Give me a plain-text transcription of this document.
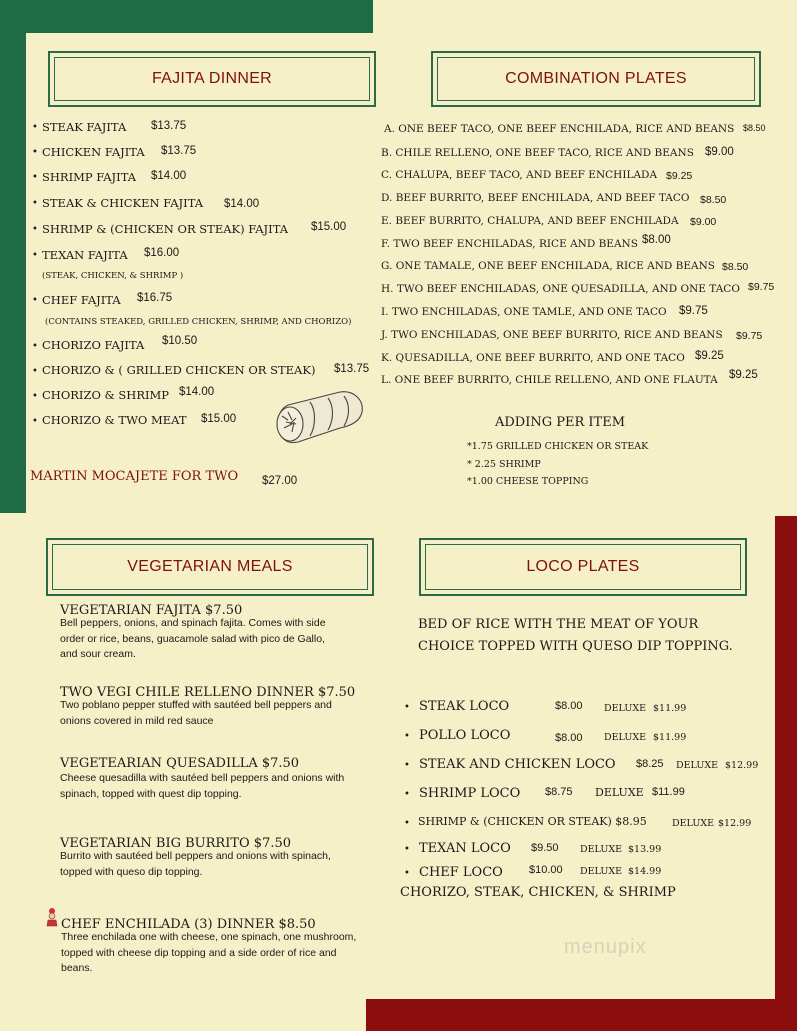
FAJITA DINNER
• STEAK FAJITA $13.75
• CHICKEN FAJITA $13.75
• SHRIMP FAJITA $14.00
• STEAK & CHICKEN FAJITA $14.00
• SHRIMP & (CHICKEN OR STEAK) FAJITA $15.00
• TEXAN FAJITA $16.00
(STEAK, CHICKEN, & SHRIMP )
• CHEF FAJITA $16.75
(CONTAINS STEAKED, GRILLED CHICKEN, SHRIMP, AND CHORIZO)
• CHORIZO FAJITA $10.50
• CHORIZO & ( GRILLED CHICKEN OR STEAK) $13.75
• CHORIZO & SHRIMP $14.00
• CHORIZO & TWO MEAT $15.00
MARTIN MOCAJETE FOR TWO $27.00
COMBINATION PLATES
A. ONE BEEF TACO, ONE BEEF ENCHILADA, RICE AND BEANS $8.50
B. CHILE RELLENO, ONE BEEF TACO, RICE AND BEANS $9.00
C. CHALUPA, BEEF TACO, AND BEEF ENCHILADA $9.25
D. BEEF BURRITO, BEEF ENCHILADA, AND BEEF TACO $8.50
E. BEEF BURRITO, CHALUPA, AND BEEF ENCHILADA $9.00
F. TWO BEEF ENCHILADAS, RICE AND BEANS $8.00
G. ONE TAMALE, ONE BEEF ENCHILADA, RICE AND BEANS $8.50
H. TWO BEEF ENCHILADAS, ONE QUESADILLA, AND ONE TACO $9.75
I. TWO ENCHILADAS, ONE TAMLE, AND ONE TACO $9.75
J. TWO ENCHILADAS, ONE BEEF BURRITO, RICE AND BEANS $9.75
K. QUESADILLA, ONE BEEF BURRITO, AND ONE TACO $9.25
L. ONE BEEF BURRITO, CHILE RELLENO, AND ONE FLAUTA $9.25
ADDING PER ITEM
*1.75 GRILLED CHICKEN OR STEAK
* 2.25 SHRIMP
*1.00 CHEESE TOPPING
VEGETARIAN MEALS
VEGETARIAN FAJITA $7.50
Bell peppers, onions, and spinach fajita. Comes with side order or rice, beans, guacamole salad with pico de Gallo, and sour cream.
TWO VEGI CHILE RELLENO DINNER $7.50
Two poblano pepper stuffed with sautéed bell peppers and onions covered in mild red sauce
VEGETEARIAN QUESADILLA $7.50
Cheese quesadilla with sautéed bell peppers and onions with spinach, topped with quest dip topping.
VEGETARIAN BIG BURRITO $7.50
Burrito with sautéed bell peppers and onions with spinach, topped with queso dip topping.
CHEF ENCHILADA (3) DINNER $8.50
Three enchilada one with cheese, one spinach, one mushroom, topped with cheese dip topping and a side order of rice and beans.
LOCO PLATES
BED OF RICE WITH THE MEAT OF YOUR CHOICE TOPPED WITH QUESO DIP TOPPING.
• STEAK LOCO	$8.00 DELUXE $11.99
• POLLO LOCO	$8.00 DELUXE $11.99
• STEAK AND CHICKEN LOCO $8.25 DELUXE $12.99
• SHRIMP LOCO $8.75 DELUXE $11.99
• SHRIMP & (CHICKEN OR STEAK) $8.95	DELUXE $12.99
• TEXAN LOCO $9.50 DELUXE $13.99
• CHEF LOCO $10.00 DELUXE $14.99
CHORIZO, STEAK, CHICKEN, & SHRIMP
menupix
